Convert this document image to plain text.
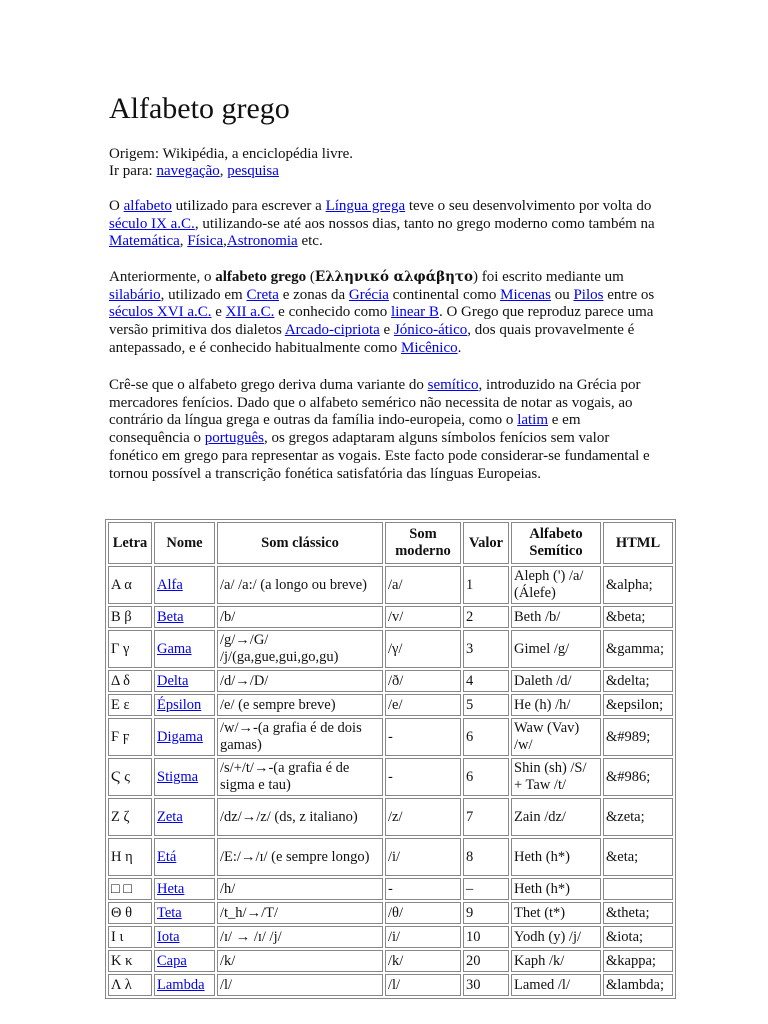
Alfabeto grego
Origem: Wikipédia, a enciclopédia livre.
Ir para: navegação, pesquisa
O alfabeto utilizado para escrever a Língua grega teve o seu desenvolvimento por volta do século IX a.C., utilizando-se até aos nossos dias, tanto no grego moderno como também na Matemática, Física,Astronomia etc.
Anteriormente, o alfabeto grego (Ελληνικό αλφάβητο) foi escrito mediante um silabário, utilizado em Creta e zonas da Grécia continental como Micenas ou Pilos entre os séculos XVI a.C. e XII a.C. e conhecido como linear B. O Grego que reproduz parece uma versão primitiva dos dialetos Arcado-cipriota e Jónico-ático, dos quais provavelmente é antepassado, e é conhecido habitualmente como Micênico.
Crê-se que o alfabeto grego deriva duma variante do semítico, introduzido na Grécia por mercadores fenícios. Dado que o alfabeto semérico não necessita de notar as vogais, ao contrário da língua grega e outras da família indo-europeia, como o latim e em consequência o português, os gregos adaptaram alguns símbolos fenícios sem valor fonético em grego para representar as vogais. Este facto pode considerar-se fundamental e tornou possível a transcrição fonética satisfatória das línguas Europeias.
Letra	Nome	Som clássico	Som moderno	Valor	Alfabeto Semítico	HTML
Α α	Alfa	/a/ /a:/ (a longo ou breve)	/a/	1	Aleph (') /a/ (Álefe)	&alpha;
Β β	Beta	/b/	/v/	2	Beth /b/	&beta;
Γ γ	Gama	/g/→/G/ /j/(ga,gue,gui,go,gu)	/γ/	3	Gimel /g/	&gamma;
Δ δ	Delta	/d/→/D/	/ð/	4	Daleth /d/	&delta;
Ε ε	Épsilon	/e/ (e sempre breve)	/e/	5	He (h) /h/	&epsilon;
Ϝ ϝ	Digama	/w/→-(a grafia é de dois gamas)	-	6	Waw (Vav) /w/	&#989;
Ϛ ς	Stigma	/s/+/t/→-(a grafia é de sigma e tau)	-	6	Shin (sh) /S/ + Taw /t/	&#986;
Ζ ζ	Zeta	/dz/→/z/ (ds, z italiano)	/z/	7	Zain /dz/	&zeta;
Η η	Etá	/E:/→/ɪ/ (e sempre longo)	/i/	8	Heth (h*)	&eta;
□ □	Heta	/h/	-	–	Heth (h*)	
Θ θ	Teta	/t_h/→/T/	/θ/	9	Thet (t*)	&theta;
Ι ι	Iota	/ɪ/ → /ɪ/ /j/	/i/	10	Yodh (y) /j/	&iota;
Κ κ	Capa	/k/	/k/	20	Kaph /k/	&kappa;
Λ λ	Lambda	/l/	/l/	30	Lamed /l/	&lambda;
